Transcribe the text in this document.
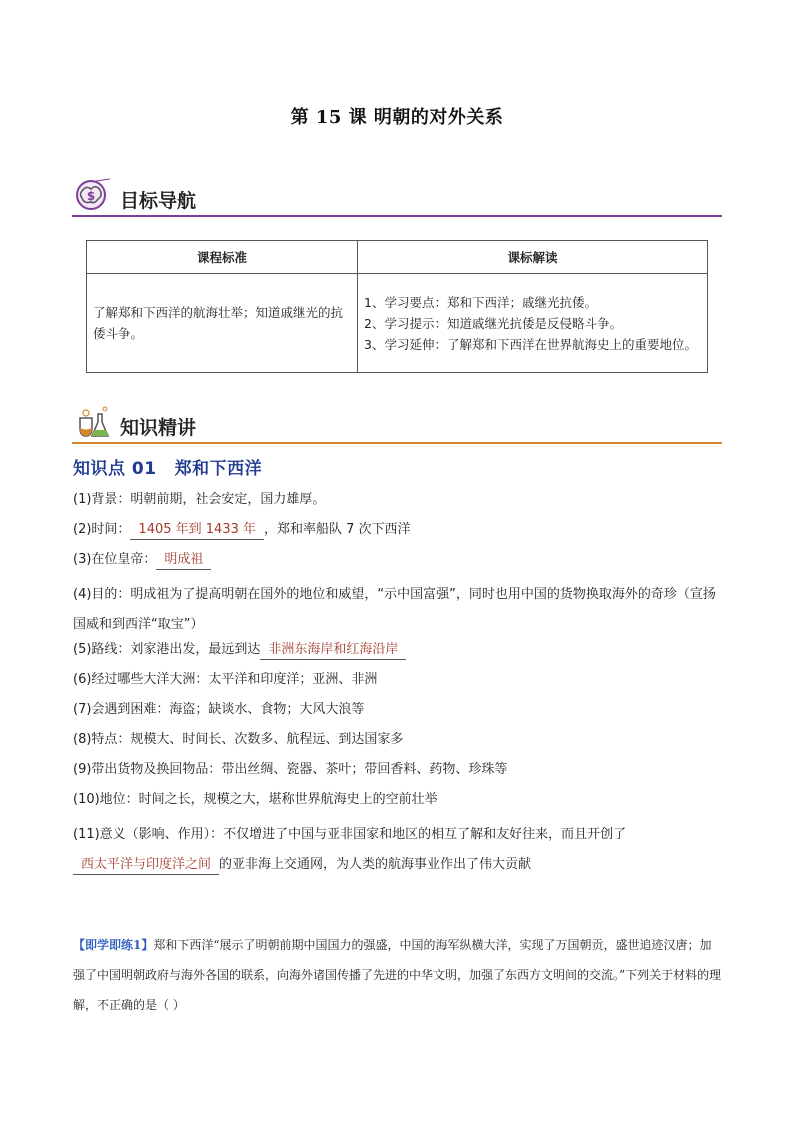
第 15 课 明朝的对外关系
$ 目标导航
课程标准	课标解读
了解郑和下西洋的航海壮举；知道戚继光的抗倭斗争。	1、学习要点：郑和下西洋；戚继光抗倭。
2、学习提示：知道戚继光抗倭是反侵略斗争。
3、学习延伸：了解郑和下西洋在世界航海史上的重要地位。
知识精讲
知识点 01 郑和下西洋
(1)背景：明朝前期，社会安定，国力雄厚。
(2)时间： 1405 年到 1433 年 ，郑和率船队 7 次下西洋
(3)在位皇帝： 明成祖
(4)目的：明成祖为了提高明朝在国外的地位和威望，“示中国富强”，同时也用中国的货物换取海外的奇珍（宣扬国威和到西洋“取宝”）
(5)路线：刘家港出发，最远到达 非洲东海岸和红海沿岸
(6)经过哪些大洋大洲：太平洋和印度洋；亚洲、非洲
(7)会遇到困难：海盗；缺谈水、食物；大风大浪等
(8)特点：规模大、时间长、次数多、航程远、到达国家多
(9)带出货物及换回物品：带出丝绸、瓷器、茶叶；带回香料、药物、珍珠等
(10)地位：时间之长，规模之大，堪称世界航海史上的空前壮举
(11)意义（影响、作用）：不仅增进了中国与亚非国家和地区的相互了解和友好往来，而且开创了西太平洋与印度洋之间 的亚非海上交通网，为人类的航海事业作出了伟大贡献
【即学即练1】郑和下西洋“展示了明朝前期中国国力的强盛，中国的海军纵横大洋，实现了万国朝贡，盛世追迹汉唐；加强了中国明朝政府与海外各国的联系，向海外诸国传播了先进的中华文明，加强了东西方文明间的交流。”下列关于材料的理解，不正确的是（ ）
